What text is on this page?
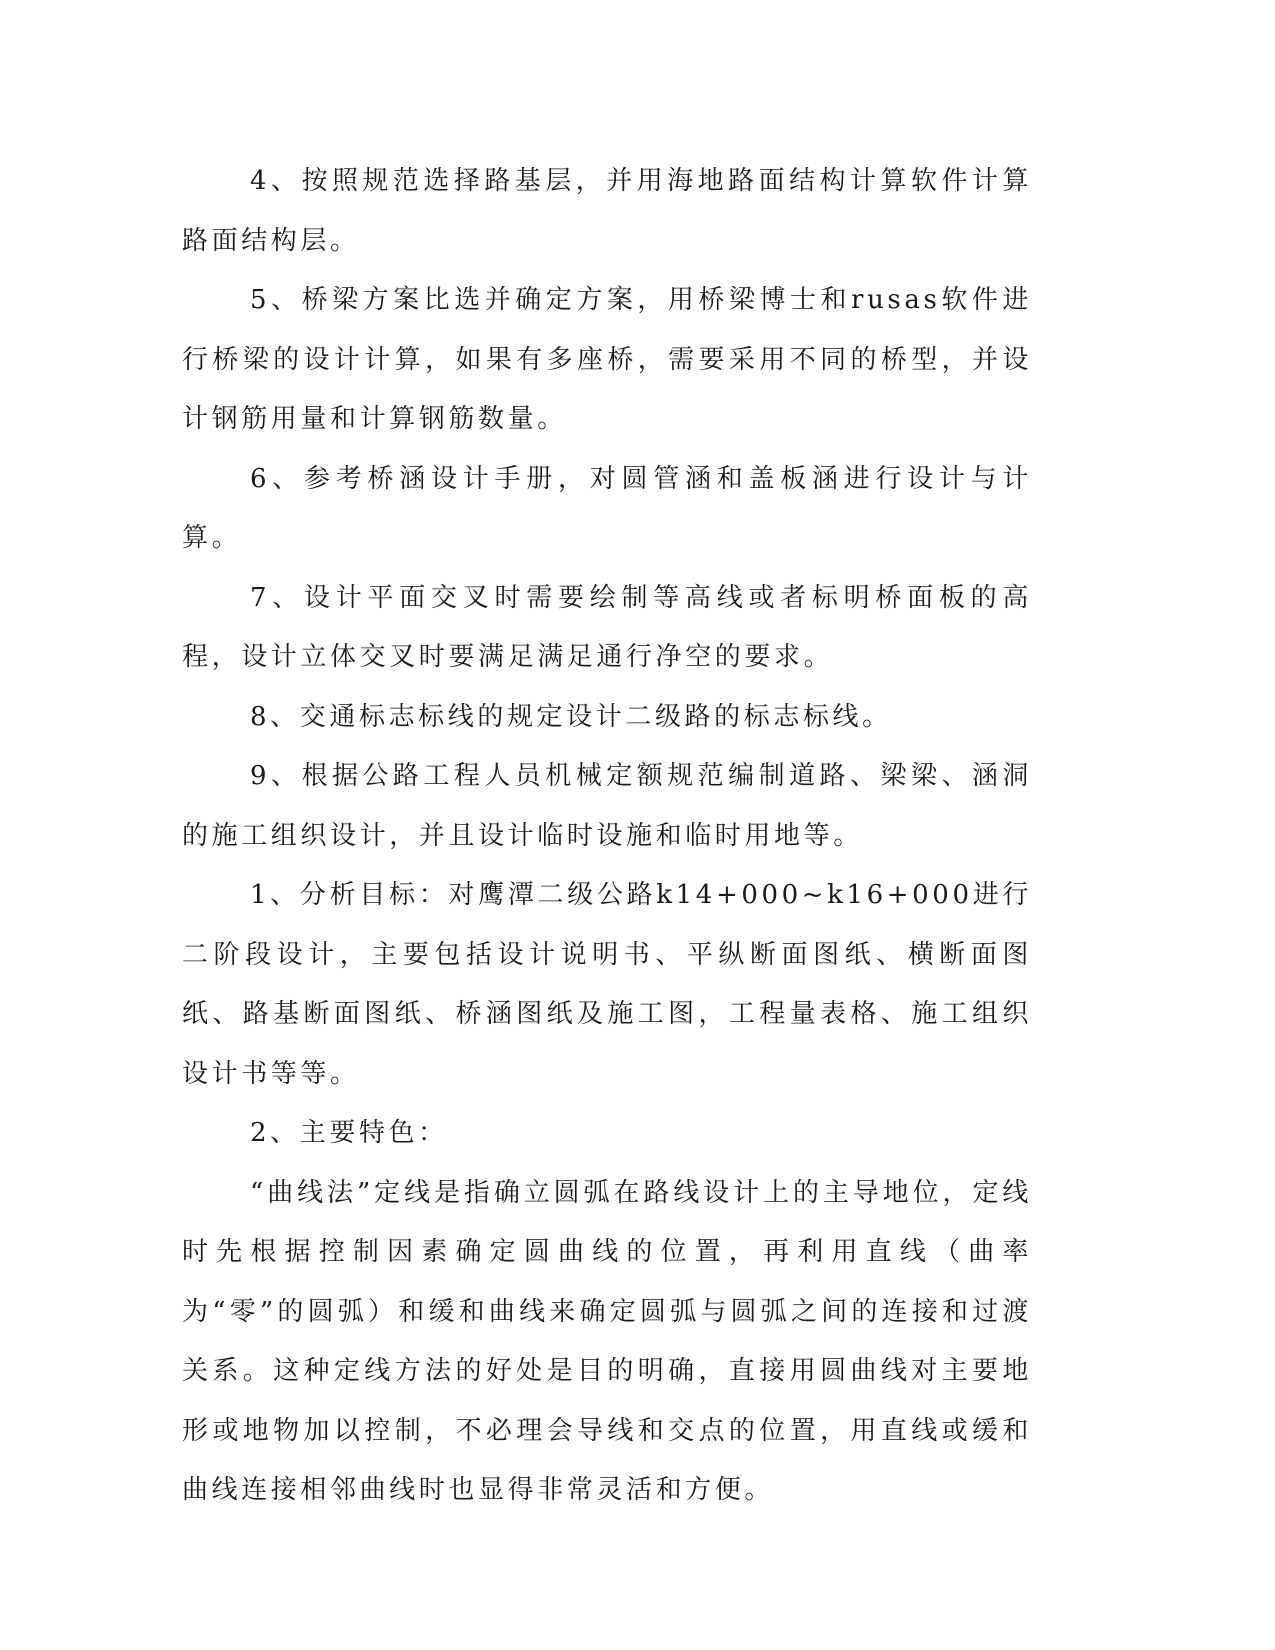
4、按照规范选择路基层，并用海地路面结构计算软件计算路面结构层。

5、桥梁方案比选并确定方案，用桥梁博士和rusas软件进行桥梁的设计计算，如果有多座桥，需要采用不同的桥型，并设计钢筋用量和计算钢筋数量。

6、参考桥涵设计手册，对圆管涵和盖板涵进行设计与计算。

7、设计平面交叉时需要绘制等高线或者标明桥面板的高程，设计立体交叉时要满足满足通行净空的要求。

8、交通标志标线的规定设计二级路的标志标线。

9、根据公路工程人员机械定额规范编制道路、梁梁、涵洞的施工组织设计，并且设计临时设施和临时用地等。

1、分析目标：对鹰潭二级公路k14+000~k16+000进行二阶段设计，主要包括设计说明书、平纵断面图纸、横断面图纸、路基断面图纸、桥涵图纸及施工图，工程量表格、施工组织设计书等等。

2、主要特色：

“曲线法”定线是指确立圆弧在路线设计上的主导地位，定线时先根据控制因素确定圆曲线的位置，再利用直线（曲率为“零”的圆弧）和缓和曲线来确定圆弧与圆弧之间的连接和过渡关系。这种定线方法的好处是目的明确，直接用圆曲线对主要地形或地物加以控制，不必理会导线和交点的位置，用直线或缓和曲线连接相邻曲线时也显得非常灵活和方便。
